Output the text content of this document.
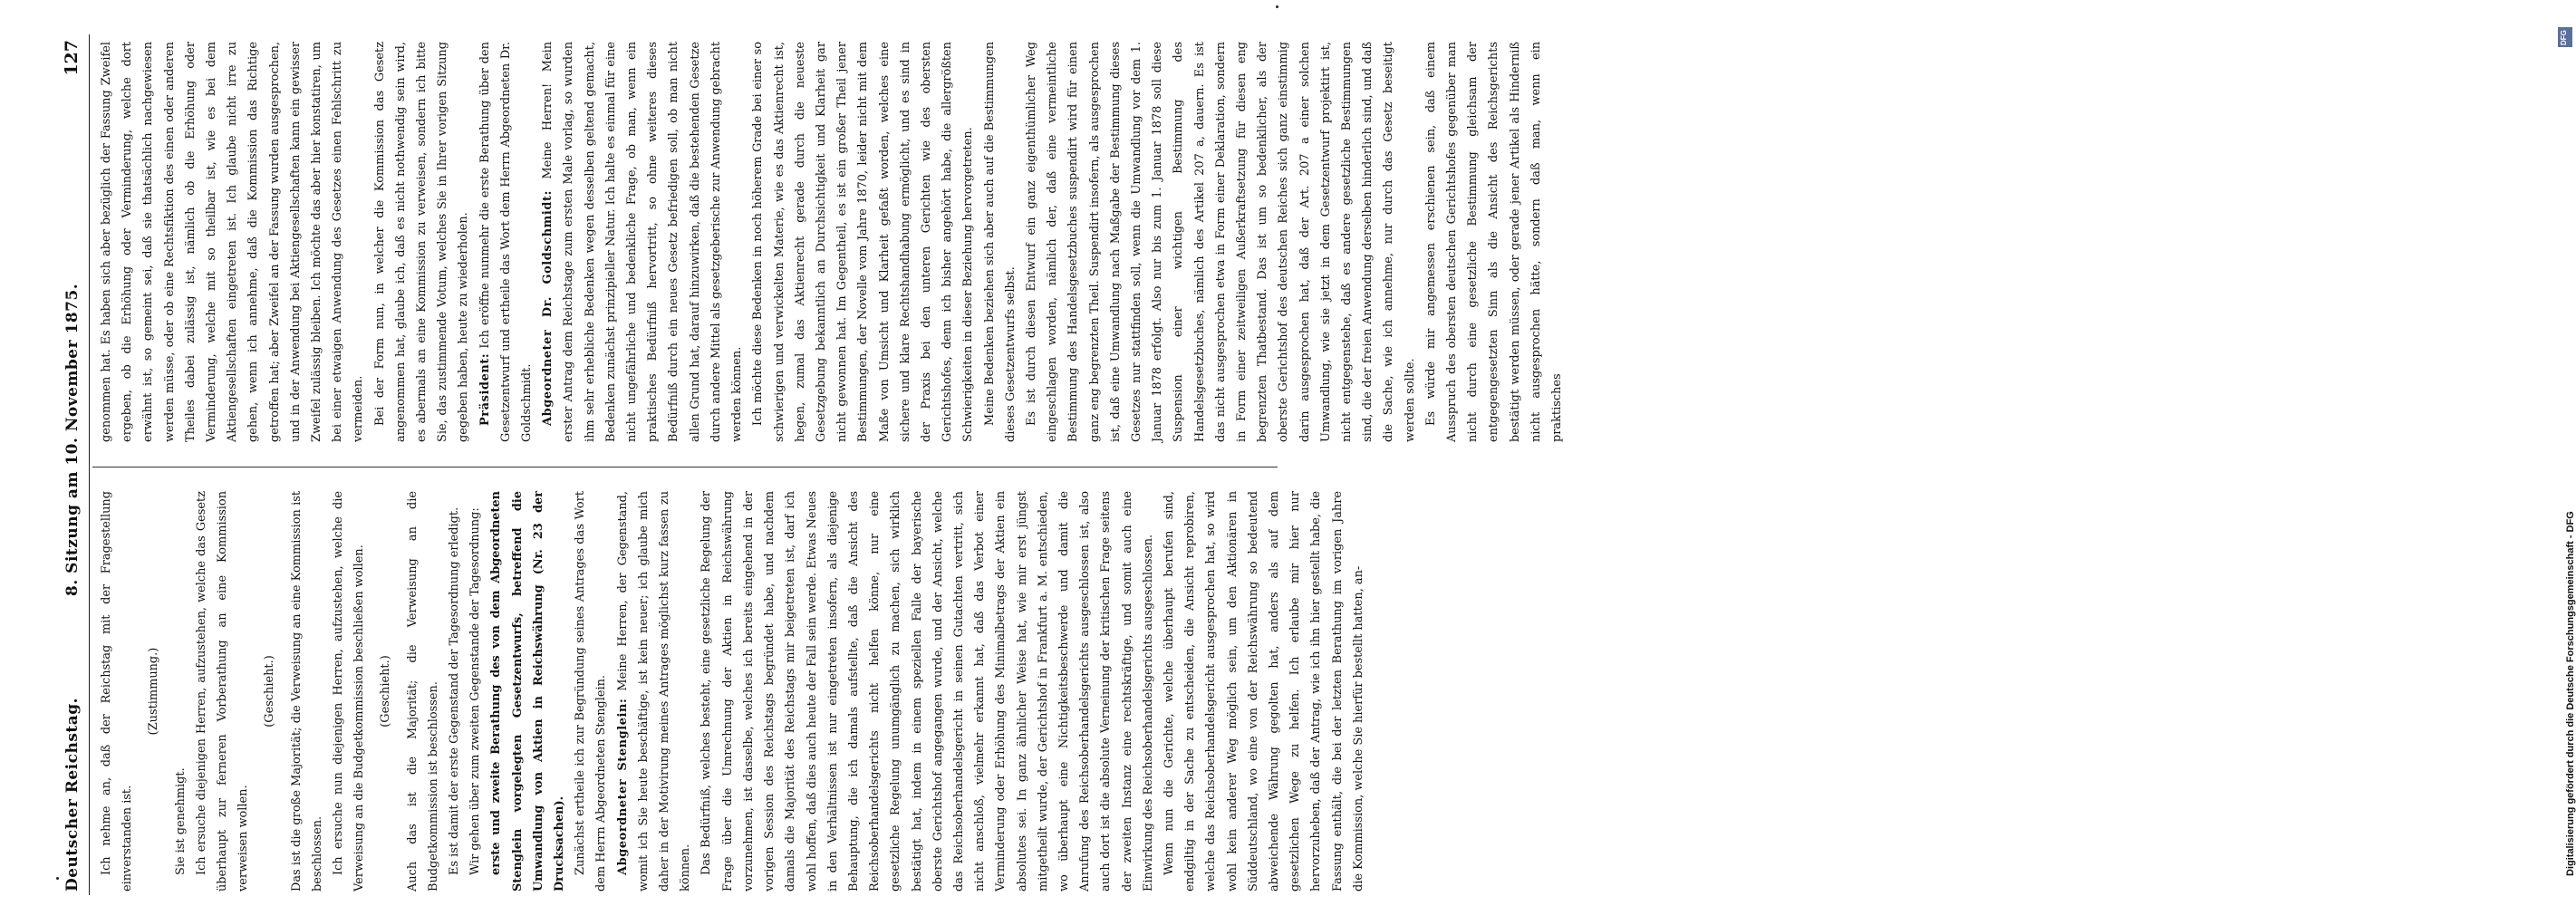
Deutscher Reichstag.
8. Sitzung am 10. November 1875.
127

Ich nehme an, daß der Reichstag mit der Fragestellung einverstanden ist.

(Zustimmung.)

Sie ist genehmigt. Ich ersuche diejenigen Herren, aufzustehen, welche das Gesetz überhaupt zur ferneren Vorberathung an eine Kommission verweisen wollen.

(Geschieht.)	Das ist die große Majorität; die Verweisung an eine Kommission ist beschlossen. Ich ersuche nun diejenigen Herren, aufzustehen, welche die Verweisung an die Budgetkommission beschließen wollen.	(Geschieht.)	Auch das ist die Majorität; die Verweisung an die Budgetkommission ist beschlossen. Es ist damit der erste Gegenstand der Tagesordnung erledigt. Wir gehen über zum zweiten Gegenstande der Tagesordnung: erste und zweite Berathung des von dem Abgeordneten Stenglein vorgelegten Gesetzentwurfs, betreffend die Umwandlung von Aktien in Reichswährung (Nr. 23 der Drucksachen). Zunächst ertheile ich zur Begründung seines Antrages das Wort dem Herrn Abgeordneten Stenglein. Abgeordneter Stenglein: Meine Herren, der Gegenstand, womit ich Sie heute beschäftige, ist kein neuer; ich glaube mich daher in der Motivirung meines Antrages möglichst kurz fassen zu können. Das Bedürfniß, welches besteht, eine gesetzliche Regelung der Frage über die Umrechnung der Aktien in Reichswährung vorzunehmen, ist dasselbe, welches ich bereits eingehend in der vorigen Session des Reichstags begründet habe, und nachdem damals die Majorität des Reichstags mir beigetreten ist, darf ich wohl hoffen, daß dies auch heute der Fall sein werde. Etwas Neues in den Verhältnissen ist nur eingetreten insofern, als diejenige Behauptung, die ich damals aufstellte, daß die Ansicht des Reichsoberhandelsgerichts nicht helfen könne, nur eine gesetzliche Regelung unumgänglich zu machen, sich wirklich bestätigt hat, indem in einem speziellen Falle der bayerische oberste Gerichtshof angegangen wurde, und der Ansicht, welche das Reichsoberhandelsgericht in seinen Gutachten vertritt, sich nicht anschloß, vielmehr erkannt hat, daß das Verbot einer Verminderung oder Erhöhung des Minimalbetrags der Aktien ein absolutes sei. In ganz ähnlicher Weise hat, wie mir erst jüngst mitgetheilt wurde, der Gerichtshof in Frankfurt a. M. entschieden, wo überhaupt eine Nichtigkeitsbeschwerde und damit die Anrufung des Reichsoberhandelsgerichts ausgeschlossen ist, also auch dort ist die absolute Verneinung der kritischen Frage seitens der zweiten Instanz eine rechtskräftige, und somit auch eine Einwirkung des Reichsoberhandelsgerichts ausgeschlossen. Wenn nun die Gerichte, welche überhaupt berufen sind, endgiltig in der Sache zu entscheiden, die Ansicht reprobiren, welche das Reichsoberhandelsgericht ausgesprochen hat, so wird wohl kein anderer Weg möglich sein, um den Aktionären in Süddeutschland, wo eine von der Reichswährung so bedeutend abweichende Währung gegolten hat, anders als auf dem gesetzlichen Wege zu helfen. Ich erlaube mir hier nur hervorzuheben, daß der Antrag, wie ich ihn hier gestellt habe, die Fassung enthält, die bei der letzten Berathung im vorigen Jahre die Kommission, welche Sie hierfür bestellt hatten, an-

genommen hat. Es haben sich aber bezüglich der Fassung Zweifel ergeben, ob die Erhöhung oder Verminderung, welche dort erwähnt ist, so gemeint sei, daß sie thatsächlich nachgewiesen werden müsse, oder ob eine Rechtsfiktion des einen oder anderen Theiles dabei zulässig ist, nämlich ob die Erhöhung oder Verminderung, welche mit so theilbar ist, wie es bei dem Aktiengesellschaften eingetreten ist. Ich glaube nicht irre zu gehen, wenn ich annehme, daß die Kommission das Richtige getroffen hat; aber Zweifel an der Fassung wurden ausgesprochen, und in der Anwendung bei Aktiengesellschaften kann ein gewisser Zweifel zulässig bleiben. Ich möchte das aber hier konstatiren, um bei einer etwaigen Anwendung des Gesetzes einen Fehlschritt zu vermeiden. Bei der Form nun, in welcher die Kommission das Gesetz angenommen hat, glaube ich, daß es nicht nothwendig sein wird, es abermals an eine Kommission zu verweisen, sondern ich bitte Sie, das zustimmende Votum, welches Sie in Ihrer vorigen Sitzung gegeben haben, heute zu wiederholen. Präsident: Ich eröffne nunmehr die erste Berathung über den Gesetzentwurf und ertheile das Wort dem Herrn Abgeordneten Dr. Goldschmidt. Abgeordneter Dr. Goldschmidt: Meine Herren! Mein erster Antrag dem Reichstage zum ersten Male vorlag, so wurden ihm sehr erhebliche Bedenken wegen desselben geltend gemacht, Bedenken zunächst prinzipieller Natur. Ich halte es einmal für eine nicht ungefährliche und bedenkliche Frage, ob man, wenn ein praktisches Bedürfniß hervortritt, so ohne weiteres dieses Bedürfniß durch ein neues Gesetz befriedigen soll, ob man nicht allen Grund hat, darauf hinzuwirken, daß die bestehenden Gesetze durch andere Mittel als gesetzgeberische zur Anwendung gebracht werden können. Ich möchte diese Bedenken in noch höherem Grade bei einer so schwierigen und verwickelten Materie, wie es das Aktienrecht ist, hegen, zumal das Aktienrecht gerade durch die neueste Gesetzgebung bekanntlich an Durchsichtigkeit und Klarheit gar nicht gewonnen hat. Im Gegentheil, es ist ein großer Theil jener Bestimmungen, der Novelle vom Jahre 1870, leider nicht mit dem Maße von Umsicht und Klarheit gefaßt worden, welches eine sichere und klare Rechtshandhabung ermöglicht, und es sind in der Praxis bei den unteren Gerichten wie des obersten Gerichtshofes, denn ich bisher angehört habe, die allergrößten Schwierigkeiten in dieser Beziehung hervorgetreten. Meine Bedenken beziehen sich aber auch auf die Bestimmungen dieses Gesetzentwurfs selbst. Es ist durch diesen Entwurf ein ganz eigenthümlicher Weg eingeschlagen worden, nämlich der, daß eine vermeintliche Bestimmung des Handelsgesetzbuches suspendirt wird für einen ganz eng begrenzten Theil. Suspendirt insofern, als ausgesprochen ist, daß eine Umwandlung nach Maßgabe der Bestimmung dieses Gesetzes nur stattfinden soll, wenn die Umwandlung vor dem 1. Januar 1878 erfolgt. Also nur bis zum 1. Januar 1878 soll diese Suspension einer wichtigen Bestimmung des Handelsgesetzbuches, nämlich des Artikel 207 a, dauern. Es ist das nicht ausgesprochen etwa in Form einer Deklaration, sondern in Form einer zeitweiligen Außerkraftsetzung für diesen eng begrenzten Thatbestand. Das ist um so bedenklicher, als der oberste Gerichtshof des deutschen Reiches sich ganz einstimmig darin ausgesprochen hat, daß der Art. 207 a einer solchen Umwandlung, wie sie jetzt in dem Gesetzentwurf projektirt ist, nicht entgegenstehe, daß es andere gesetzliche Bestimmungen sind, die der freien Anwendung derselben hinderlich sind, und daß die Sache, wie ich annehme, nur durch das Gesetz beseitigt werden sollte. Es würde mir angemessen erschienen sein, daß einem Ausspruch des obersten deutschen Gerichtshofes gegenüber man nicht durch eine gesetzliche Bestimmung gleichsam der entgegengesetzten Sinn als die Ansicht des Reichsgerichts bestätigt werden müssen, oder gerade jener Artikel als Hinderniß nicht ausgesprochen hätte, sondern daß man, wenn ein praktisches

Digitalisierung gefördert durch die Deutsche Forschungsgemeinschaft - DFG
DFG
